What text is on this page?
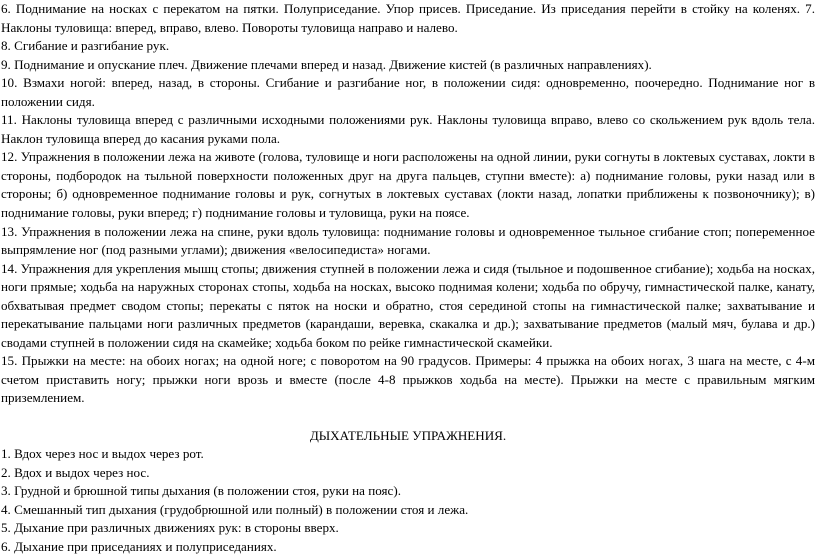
6. Поднимание на носках с перекатом на пятки. Полуприседание. Упор присев. Приседание. Из приседания перейти в стойку на коленях. 7. Наклоны туловища: вперед, вправо, влево. Повороты туловища направо и налево.

8. Сгибание и разгибание рук.

9. Поднимание и опускание плеч. Движение плечами вперед и назад. Движение кистей (в различных направлениях).

10. Взмахи ногой: вперед, назад, в стороны. Сгибание и разгибание ног, в положении сидя: одновременно, поочередно. Поднимание ног в положении сидя.

11. Наклоны туловища вперед с различными исходными положениями рук. Наклоны туловища вправо, влево со скольжением рук вдоль тела. Наклон туловища вперед до касания руками пола.

12. Упражнения в положении лежа на животе (голова, туловище и ноги расположены на одной линии, руки согнуты в локтевых суставах, локти в стороны, подбородок на тыльной поверхности положенных друг на друга пальцев, ступни вместе): а) поднимание головы, руки назад или в стороны; б) одновременное поднимание головы и рук, согнутых в локтевых суставах (локти назад, лопатки приближены к позвоночнику); в) поднимание головы, руки вперед; г) поднимание головы и туловища, руки на поясе.

13. Упражнения в положении лежа на спине, руки вдоль туловища: поднимание головы и одновременное тыльное сгибание стоп; попеременное выпрямление ног (под разными углами); движения «велосипедиста» ногами.

14. Упражнения для укрепления мышц стопы; движения ступней в положении лежа и сидя (тыльное и подошвенное сгибание); ходьба на носках, ноги прямые; ходьба на наружных сторонах стопы, ходьба на носках, высоко поднимая колени; ходьба по обручу, гимнастической палке, канату, обхватывая предмет сводом стопы; перекаты с пяток на носки и обратно, стоя серединой стопы на гимнастической палке; захватывание и перекатывание пальцами ноги различных предметов (карандаши, веревка, скакалка и др.); захватывание предметов (малый мяч, булава и др.) сводами ступней в положении сидя на скамейке; ходьба боком по рейке гимнастической скамейки.

15. Прыжки на месте: на обоих ногах; на одной ноге; с поворотом на 90 градусов. Примеры: 4 прыжка на обоих ногах, 3 шага на месте, с 4-м счетом приставить ногу; прыжки ноги врозь и вместе (после 4-8 прыжков ходьба на месте). Прыжки на месте с правильным мягким приземлением.

ДЫХАТЕЛЬНЫЕ УПРАЖНЕНИЯ.

1. Вдох через нос и выдох через рот.

2. Вдох и выдох через нос.

3. Грудной и брюшной типы дыхания (в положении стоя, руки на пояс).

4. Смешанный тип дыхания (грудобрюшной или полный) в положении стоя и лежа.

5. Дыхание при различных движениях рук: в стороны вверх.

6. Дыхание при приседаниях и полуприседаниях.
